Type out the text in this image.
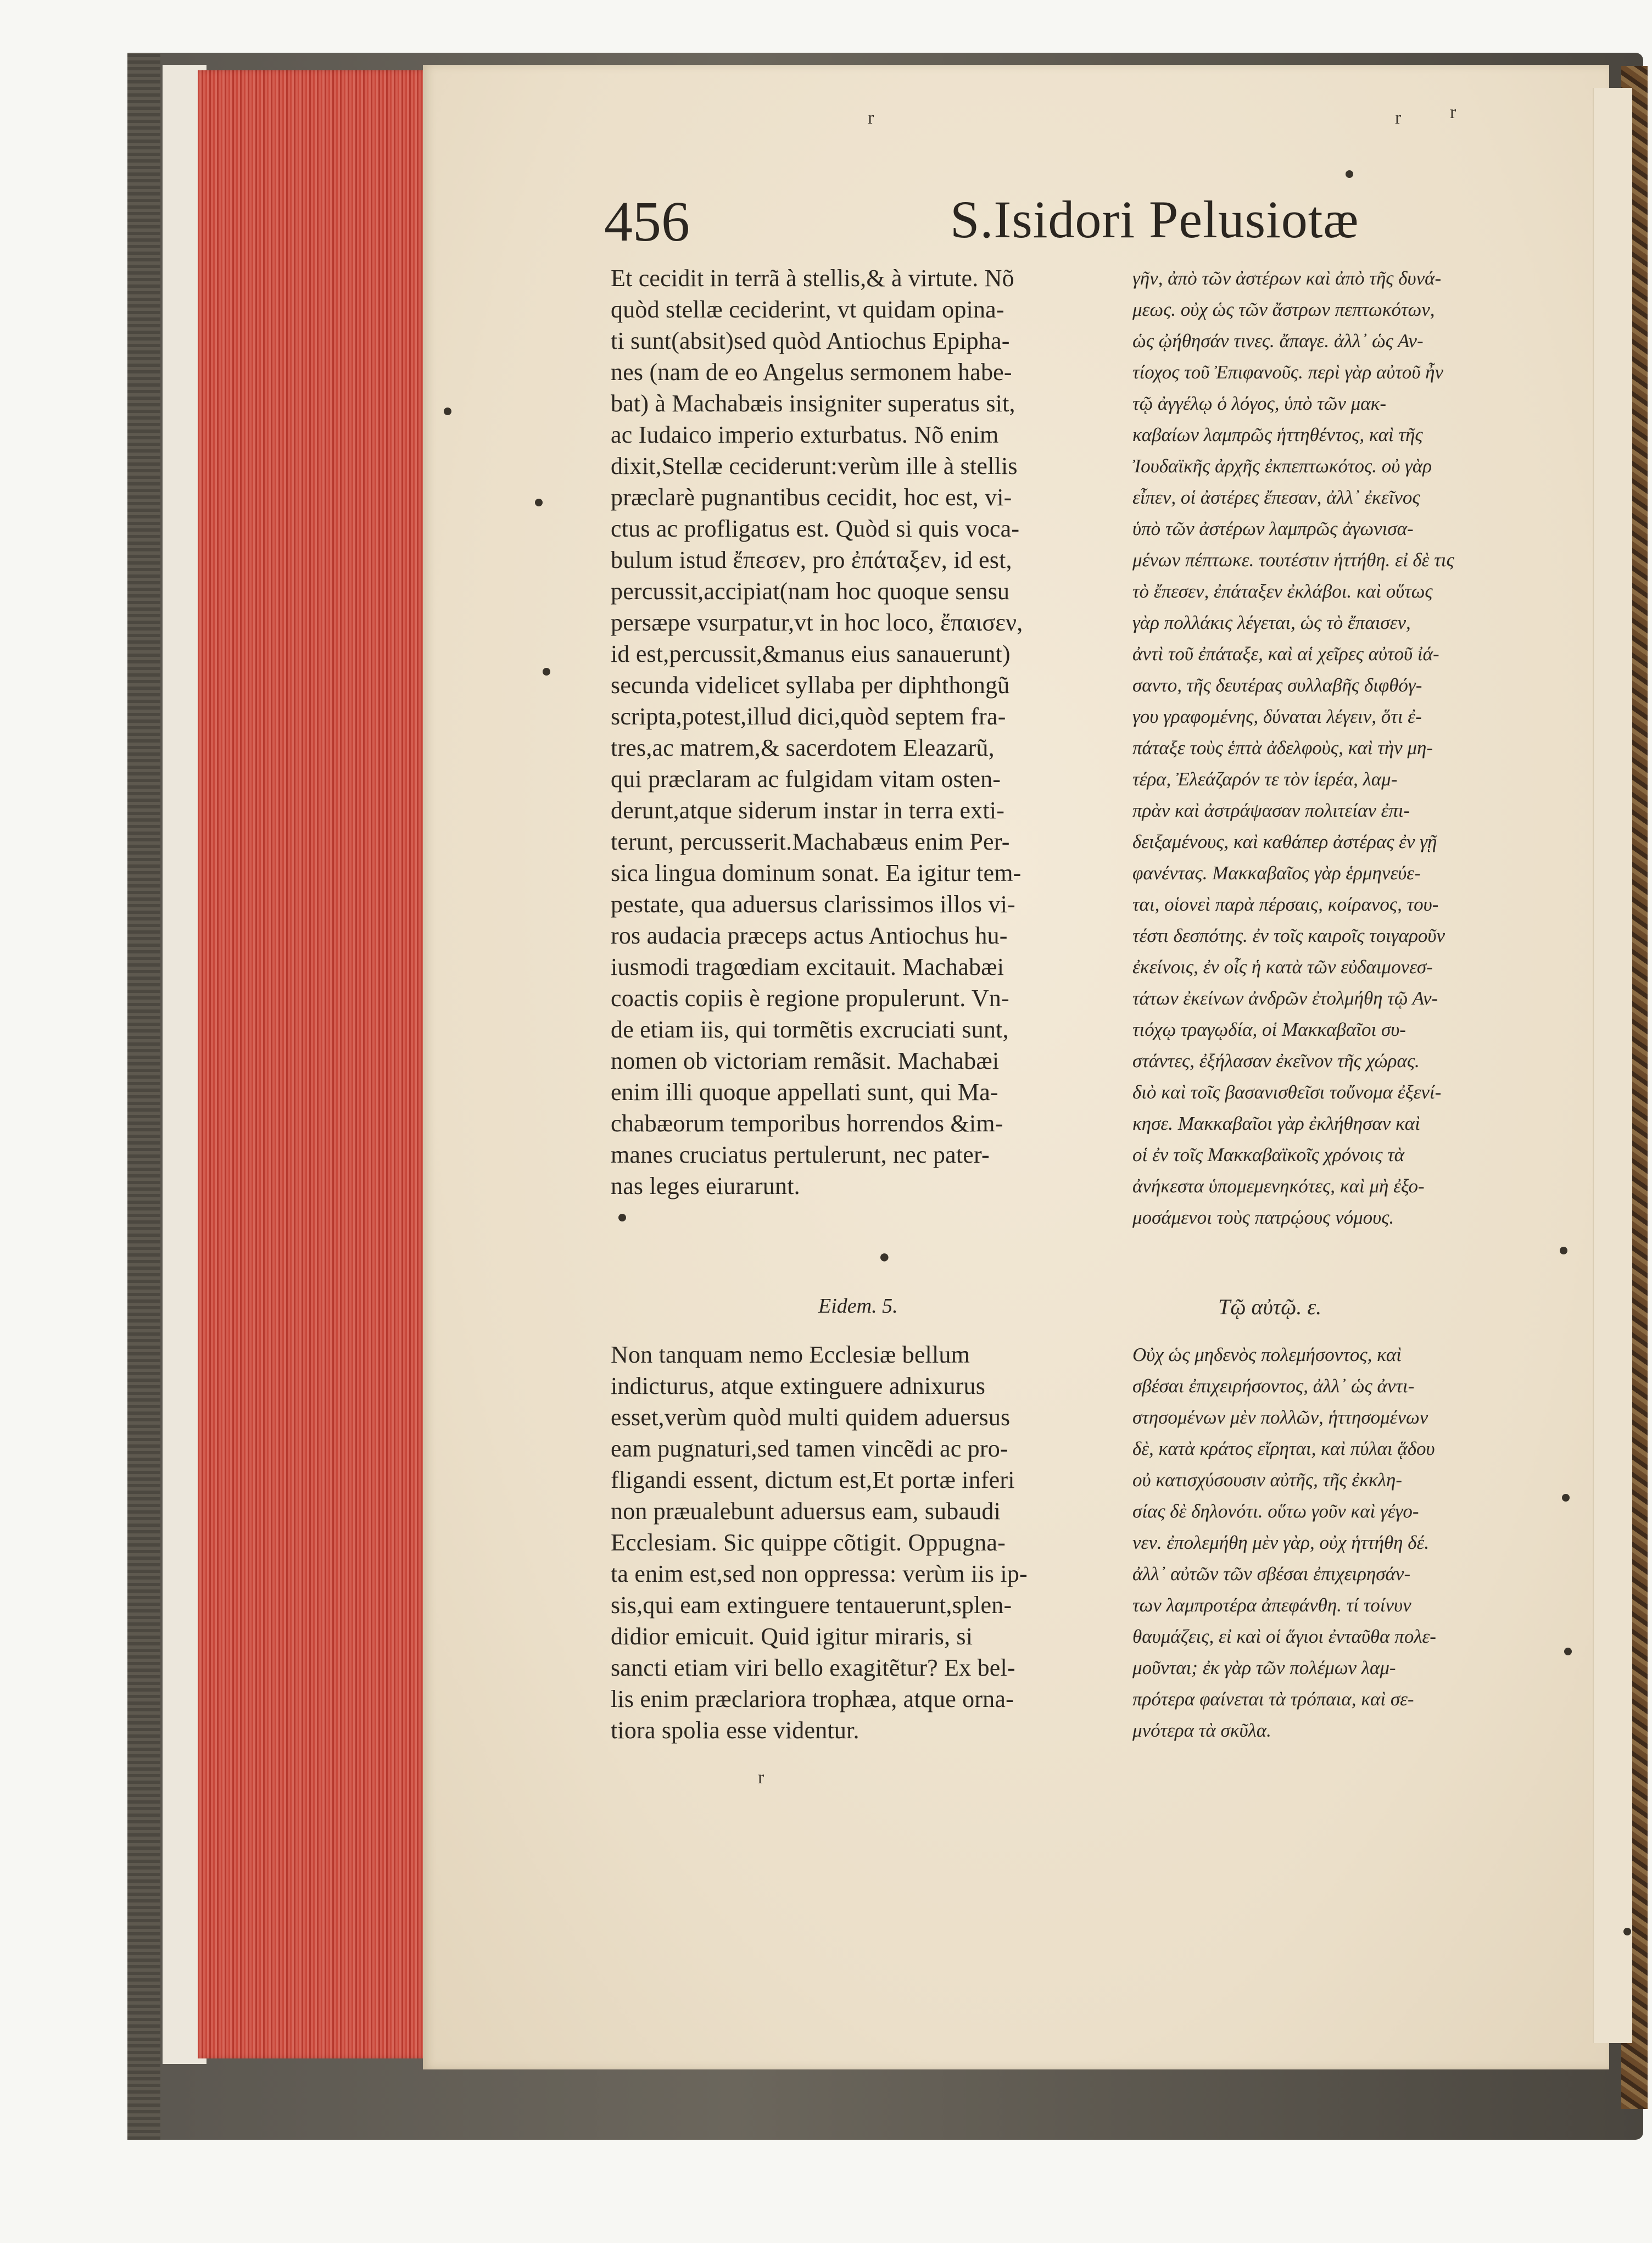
r	r	r
r
●
456	S.Isidori Pelusiotæ
Et cecidit in terrã à stellis,& à virtute. Nõ
quòd stellæ ceciderint, vt quidam opina-
ti sunt(absit)sed quòd Antiochus Epipha-
nes (nam de eo Angelus sermonem habe-
bat) à Machabæis insigniter superatus sit,
ac Iudaico imperio exturbatus. Nõ enim
dixit,Stellæ ceciderunt:verùm ille à stellis
præclarè pugnantibus cecidit, hoc est, vi-
ctus ac profligatus est. Quòd si quis voca-
bulum istud ἔπεσεν, pro ἐπάταξεν, id est,
percussit,accipiat(nam hoc quoque sensu
persæpe vsurpatur,vt in hoc loco, ἔπαισεν,
id est,percussit,&manus eius sanauerunt)
secunda videlicet syllaba per diphthongũ
scripta,potest,illud dici,quòd septem fra-
tres,ac matrem,& sacerdotem Eleazarũ,
qui præclaram ac fulgidam vitam osten-
derunt,atque siderum instar in terra exti-
terunt, percusserit.Machabæus enim Per-
sica lingua dominum sonat. Ea igitur tem-
pestate, qua aduersus clarissimos illos vi-
ros audacia præceps actus Antiochus hu-
iusmodi tragœdiam excitauit. Machabæi
coactis copiis è regione propulerunt. Vn-
de etiam iis, qui tormẽtis excruciati sunt,
nomen ob victoriam remãsit. Machabæi
enim illi quoque appellati sunt, qui Ma-
chabæorum temporibus horrendos &im-
manes cruciatus pertulerunt, nec pater-
nas leges eiurarunt.
γῆν, ἀπὸ τῶν ἀστέρων καὶ ἀπὸ τῆς δυνά-
μεως. οὐχ ὡς τῶν ἄστρων πεπτωκότων,
ὡς ᾠήθησάν τινες. ἄπαγε. ἀλλ᾽ ὡς Αν-
τίοχος τοῦ Ἐπιφανοῦς. περὶ γὰρ αὐτοῦ ἦν
τῷ ἀγγέλῳ ὁ λόγος, ὑπὸ τῶν μακ-
καβαίων λαμπρῶς ἡττηθέντος, καὶ τῆς
Ἰουδαϊκῆς ἀρχῆς ἐκπεπτωκότος. οὐ γὰρ
εἶπεν, οἱ ἀστέρες ἔπεσαν, ἀλλ᾽ ἐκεῖνος
ὑπὸ τῶν ἀστέρων λαμπρῶς ἀγωνισα-
μένων πέπτωκε. τουτέστιν ἡττήθη. εἰ δὲ τις
τὸ ἔπεσεν, ἐπάταξεν ἐκλάβοι. καὶ οὕτως
γὰρ πολλάκις λέγεται, ὡς τὸ ἔπαισεν,
ἀντὶ τοῦ ἐπάταξε, καὶ αἱ χεῖρες αὐτοῦ ἰά-
σαντο, τῆς δευτέρας συλλαβῆς διφθόγ-
γου γραφομένης, δύναται λέγειν, ὅτι ἐ-
πάταξε τοὺς ἑπτὰ ἀδελφοὺς, καὶ τὴν μη-
τέρα, Ἐλεάζαρόν τε τὸν ἱερέα, λαμ-
πρὰν καὶ ἀστράψασαν πολιτείαν ἐπι-
δειξαμένους, καὶ καθάπερ ἀστέρας ἐν γῇ
φανέντας. Μακκαβαῖος γὰρ ἑρμηνεύε-
ται, οἱονεὶ παρὰ πέρσαις, κοίρανος, του-
τέστι δεσπότης. ἐν τοῖς καιροῖς τοιγαροῦν
ἐκείνοις, ἐν οἷς ἡ κατὰ τῶν εὐδαιμονεσ-
τάτων ἐκείνων ἀνδρῶν ἐτολμήθη τῷ Αν-
τιόχῳ τραγῳδία, οἱ Μακκαβαῖοι συ-
στάντες, ἐξήλασαν ἐκεῖνον τῆς χώρας.
διὸ καὶ τοῖς βασανισθεῖσι τοὔνομα ἐξενί-
κησε. Μακκαβαῖοι γὰρ ἐκλήθησαν καὶ
οἱ ἐν τοῖς Μακκαβαϊκοῖς χρόνοις τὰ
ἀνήκεστα ὑπομεμενηκότες, καὶ μὴ ἐξο-
μοσάμενοι τοὺς πατρῴους νόμους.
Eidem. 5.	Τῷ αὐτῷ. ε.
Non tanquam nemo Ecclesiæ bellum
indicturus, atque extinguere adnixurus
esset,verùm quòd multi quidem aduersus
eam pugnaturi,sed tamen vincẽdi ac pro-
fligandi essent, dictum est,Et portæ inferi
non præualebunt aduersus eam, subaudi
Ecclesiam. Sic quippe cõtigit. Oppugna-
ta enim est,sed non oppressa: verùm iis ip-
sis,qui eam extinguere tentauerunt,splen-
didior emicuit. Quid igitur miraris, si
sancti etiam viri bello exagitẽtur? Ex bel-
lis enim præclariora trophæa, atque orna-
tiora spolia esse videntur.
Οὐχ ὡς μηδενὸς πολεμήσοντος, καὶ
σβέσαι ἐπιχειρήσοντος, ἀλλ᾽ ὡς ἀντι-
στησομένων μὲν πολλῶν, ἡττησομένων
δὲ, κατὰ κράτος εἴρηται, καὶ πύλαι ᾅδου
οὐ κατισχύσουσιν αὐτῆς, τῆς ἐκκλη-
σίας δὲ δηλονότι. οὕτω γοῦν καὶ γέγο-
νεν. ἐπολεμήθη μὲν γὰρ, οὐχ ἡττήθη δέ.
ἀλλ᾽ αὐτῶν τῶν σβέσαι ἐπιχειρησάν-
των λαμπροτέρα ἀπεφάνθη. τί τοίνυν
θαυμάζεις, εἰ καὶ οἱ ἅγιοι ἐνταῦθα πολε-
μοῦνται; ἐκ γὰρ τῶν πολέμων λαμ-
πρότερα φαίνεται τὰ τρόπαια, καὶ σε-
μνότερα τὰ σκῦλα.
